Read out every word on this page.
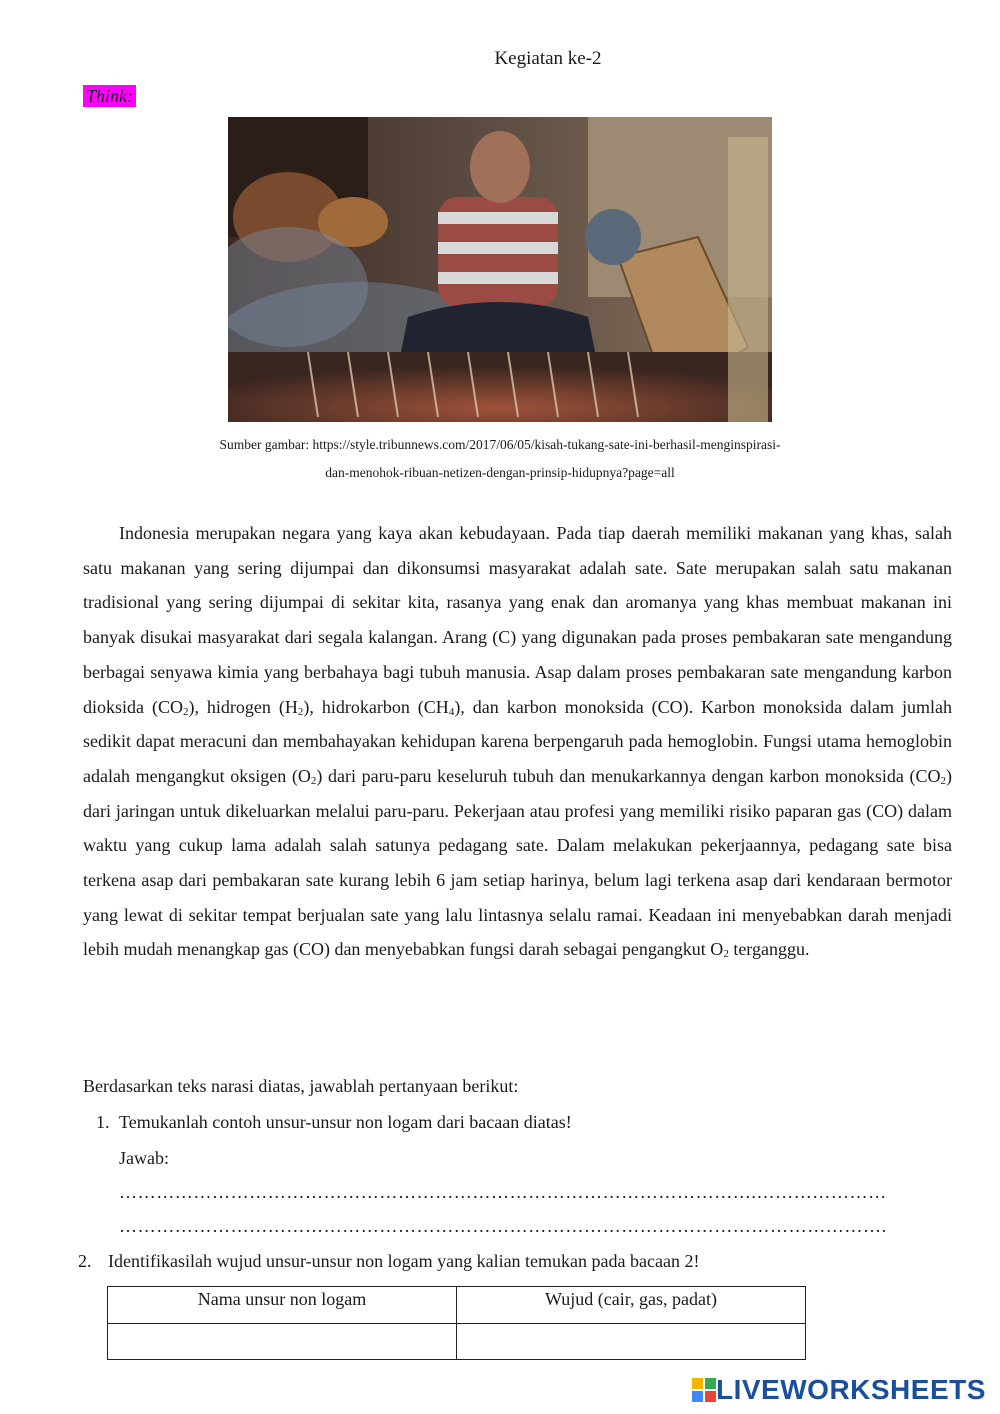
Kegiatan ke-2
Think:
Sumber gambar: https://style.tribunnews.com/2017/06/05/kisah-tukang-sate-ini-berhasil-menginspirasi-
dan-menohok-ribuan-netizen-dengan-prinsip-hidupnya?page=all

Indonesia merupakan negara yang kaya akan kebudayaan. Pada tiap daerah memiliki makanan yang khas, salah satu makanan yang sering dijumpai dan dikonsumsi masyarakat adalah sate. Sate merupakan salah satu makanan tradisional yang sering dijumpai di sekitar kita, rasanya yang enak dan aromanya yang khas membuat makanan ini banyak disukai masyarakat dari segala kalangan. Arang (C) yang digunakan pada proses pembakaran sate mengandung berbagai senyawa kimia yang berbahaya bagi tubuh manusia. Asap dalam proses pembakaran sate mengandung karbon dioksida $(CO_2)$, hidrogen $(H_2)$, hidrokarbon $(CH_4)$, dan karbon monoksida (CO). Karbon monoksida dalam jumlah sedikit dapat meracuni dan membahayakan kehidupan karena berpengaruh pada hemoglobin. Fungsi utama hemoglobin adalah mengangkut oksigen $(O_2)$ dari paru-paru keseluruh tubuh dan menukarkannya dengan karbon monoksida $(CO_2)$ dari jaringan untuk dikeluarkan melalui paru-paru. Pekerjaan atau profesi yang memiliki risiko paparan gas (CO) dalam waktu yang cukup lama adalah salah satunya pedagang sate. Dalam melakukan pekerjaannya, pedagang sate bisa terkena asap dari pembakaran sate kurang lebih 6 jam setiap harinya, belum lagi terkena asap dari kendaraan bermotor yang lewat di sekitar tempat berjualan sate yang lalu lintasnya selalu ramai. Keadaan ini menyebabkan darah menjadi lebih mudah menangkap gas (CO) dan menyebabkan fungsi darah sebagai pengangkut $O_2$ terganggu.

Berdasarkan teks narasi diatas, jawablah pertanyaan berikut:
1. Temukanlah contoh unsur-unsur non logam dari bacaan diatas!
Jawab:
………………………………………………………………………………………….…………………
…………………………………………………………………………………………………………….
2. Identifikasilah wujud unsur-unsur non logam yang kalian temukan pada bacaan 2!
Nama unsur non logam	Wujud (cair, gas, padat)

LIVEWORKSHEETS
